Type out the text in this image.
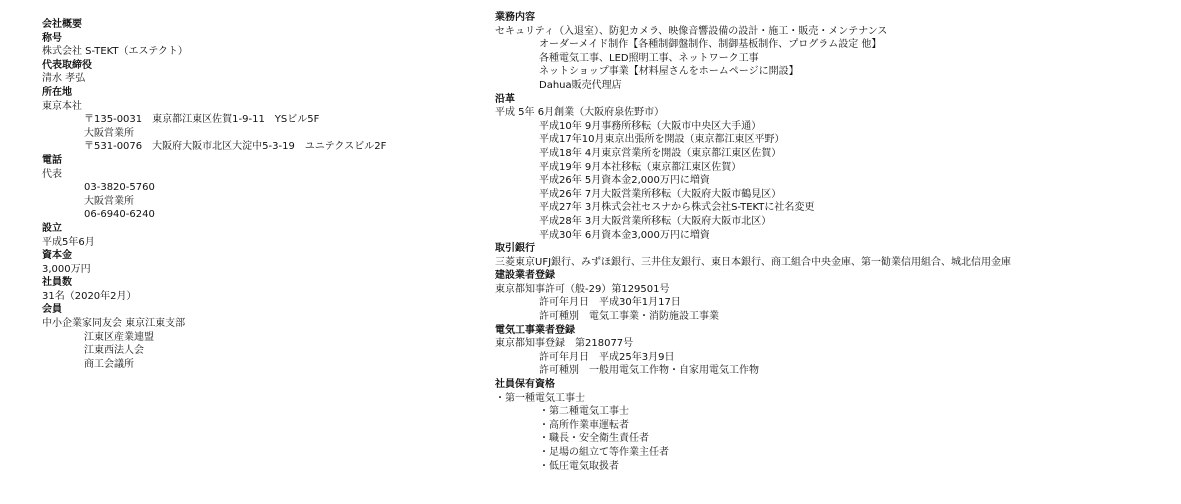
会社概要
称号
株式会社 S-TEKT（エステクト）
代表取締役
清水 孝弘
所在地
東京本社
〒135-0031　東京都江東区佐賀1-9-11　YSビル5F
大阪営業所
〒531-0076　大阪府大阪市北区大淀中5-3-19　ユニテクスビル2F
電話
代表
03-3820-5760
大阪営業所
06-6940-6240
設立
平成5年6月
資本金
3,000万円
社員数
31名（2020年2月）
会員
中小企業家同友会 東京江東支部
江東区産業連盟
江東西法人会
商工会議所
業務内容
セキュリティ（入退室）、防犯カメラ、映像音響設備の設計・施工・販売・メンテナンス
オーダーメイド制作【各種制御盤制作、制御基板制作、プログラム設定 他】
各種電気工事、LED照明工事、ネットワーク工事
ネットショップ事業【材料屋さんをホームページに開設】
Dahua販売代理店
沿革
平成 5年 6月創業（大阪府泉佐野市）
平成10年 9月事務所移転（大阪市中央区大手通）
平成17年10月東京出張所を開設（東京都江東区平野）
平成18年 4月東京営業所を開設（東京都江東区佐賀）
平成19年 9月本社移転（東京都江東区佐賀）
平成26年 5月資本金2,000万円に増資
平成26年 7月大阪営業所移転（大阪府大阪市鶴見区）
平成27年 3月株式会社セスナから株式会社S-TEKTに社名変更
平成28年 3月大阪営業所移転（大阪府大阪市北区）
平成30年 6月資本金3,000万円に増資
取引銀行
三菱東京UFJ銀行、みずほ銀行、三井住友銀行、東日本銀行、商工組合中央金庫、第一勧業信用組合、城北信用金庫
建設業者登録
東京都知事許可（般-29）第129501号
許可年月日　平成30年1月17日
許可種別　電気工事業・消防施設工事業
電気工事業者登録
東京都知事登録　第218077号
許可年月日　平成25年3月9日
許可種別　一般用電気工作物・自家用電気工作物
社員保有資格
・第一種電気工事士
・第二種電気工事士
・高所作業車運転者
・職長・安全衛生責任者
・足場の組立て等作業主任者
・低圧電気取扱者
